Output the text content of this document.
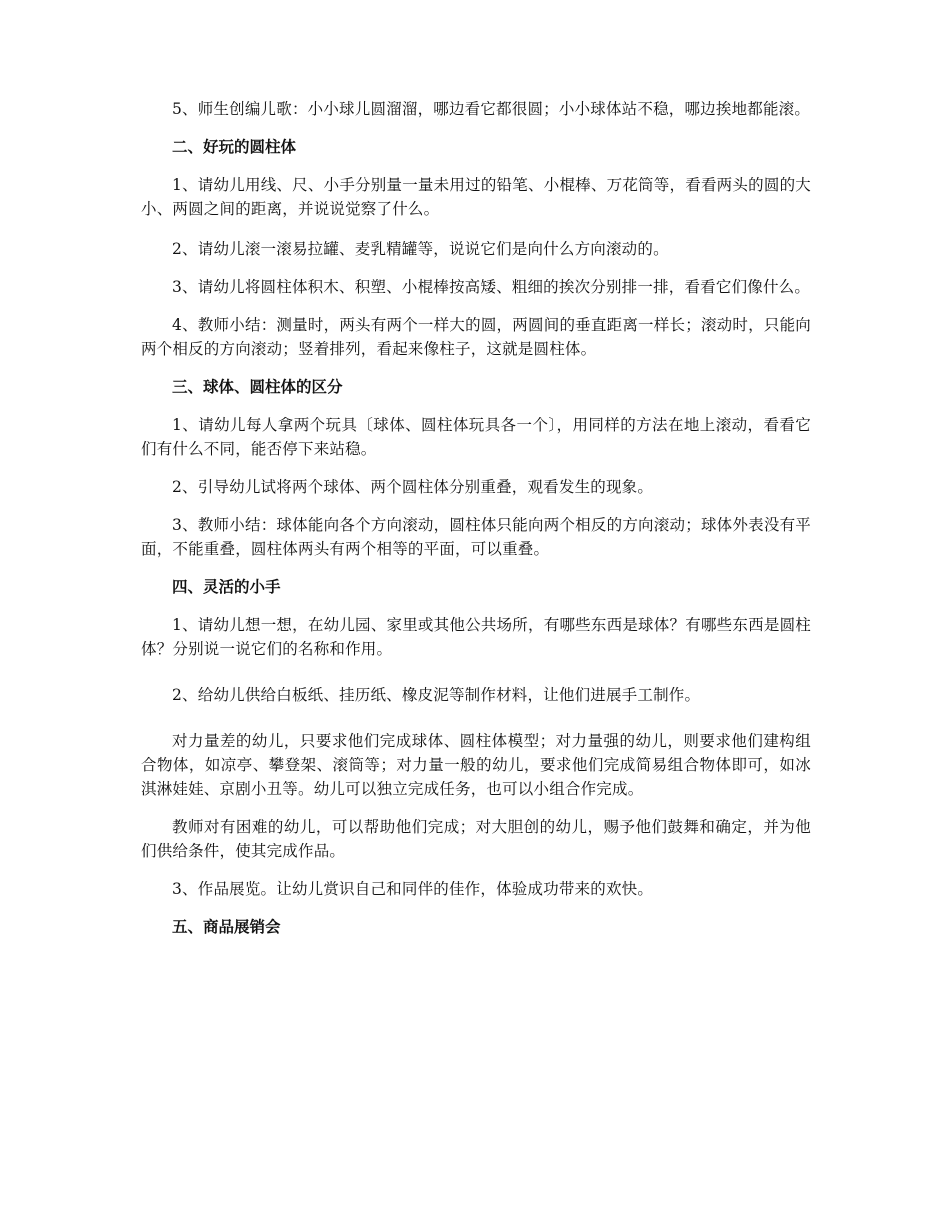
5、师生创编儿歌：小小球儿圆溜溜，哪边看它都很圆；小小球体站不稳，哪边挨地都能滚。

二、好玩的圆柱体

1、请幼儿用线、尺、小手分别量一量未用过的铅笔、小棍棒、万花筒等，看看两头的圆的大小、两圆之间的距离，并说说觉察了什么。

2、请幼儿滚一滚易拉罐、麦乳精罐等，说说它们是向什么方向滚动的。

3、请幼儿将圆柱体积木、积塑、小棍棒按高矮、粗细的挨次分别排一排，看看它们像什么。

4、教师小结：测量时，两头有两个一样大的圆，两圆间的垂直距离一样长；滚动时，只能向两个相反的方向滚动；竖着排列，看起来像柱子，这就是圆柱体。

三、球体、圆柱体的区分

1、请幼儿每人拿两个玩具〔球体、圆柱体玩具各一个〕，用同样的方法在地上滚动，看看它们有什么不同，能否停下来站稳。

2、引导幼儿试将两个球体、两个圆柱体分别重叠，观看发生的现象。

3、教师小结：球体能向各个方向滚动，圆柱体只能向两个相反的方向滚动；球体外表没有平面，不能重叠，圆柱体两头有两个相等的平面，可以重叠。

四、灵活的小手

1、请幼儿想一想，在幼儿园、家里或其他公共场所，有哪些东西是球体？有哪些东西是圆柱体？分别说一说它们的名称和作用。

2、给幼儿供给白板纸、挂历纸、橡皮泥等制作材料，让他们进展手工制作。

对力量差的幼儿，只要求他们完成球体、圆柱体模型；对力量强的幼儿，则要求他们建构组合物体，如凉亭、攀登架、滚筒等；对力量一般的幼儿，要求他们完成简易组合物体即可，如冰淇淋娃娃、京剧小丑等。幼儿可以独立完成任务，也可以小组合作完成。

教师对有困难的幼儿，可以帮助他们完成；对大胆创的幼儿，赐予他们鼓舞和确定，并为他们供给条件，使其完成作品。

3、作品展览。让幼儿赏识自己和同伴的佳作，体验成功带来的欢快。

五、商品展销会
